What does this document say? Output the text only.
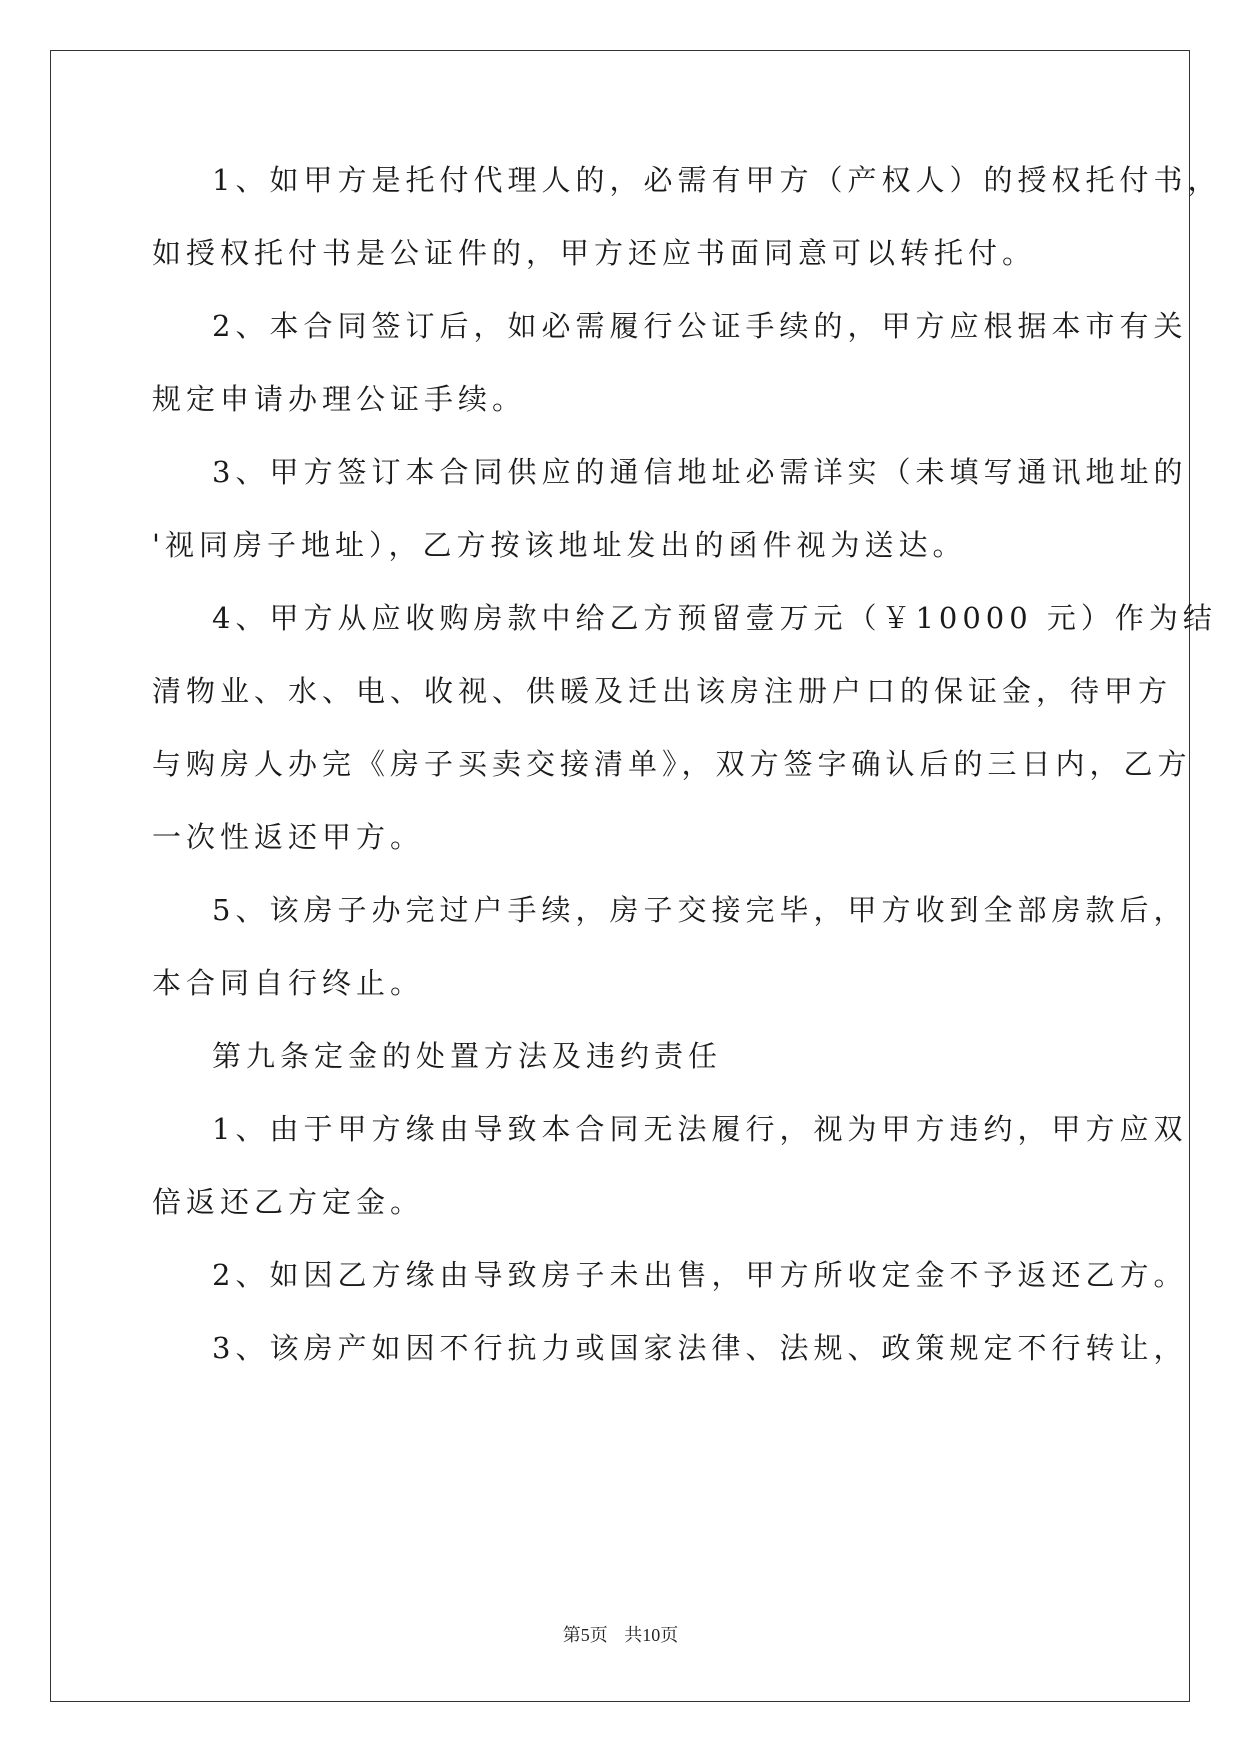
1、如甲方是托付代理人的，必需有甲方（产权人）的授权托付书，
如授权托付书是公证件的，甲方还应书面同意可以转托付。
2、本合同签订后，如必需履行公证手续的，甲方应根据本市有关
规定申请办理公证手续。
3、甲方签订本合同供应的通信地址必需详实（未填写通讯地址的
'视同房子地址），乙方按该地址发出的函件视为送达。
4、甲方从应收购房款中给乙方预留壹万元（￥10000 元）作为结
清物业、水、电、收视、供暖及迁出该房注册户口的保证金，待甲方
与购房人办完《房子买卖交接清单》，双方签字确认后的三日内，乙方
一次性返还甲方。
5、该房子办完过户手续，房子交接完毕，甲方收到全部房款后，
本合同自行终止。
第九条定金的处置方法及违约责任
1、由于甲方缘由导致本合同无法履行，视为甲方违约，甲方应双
倍返还乙方定金。
2、如因乙方缘由导致房子未出售，甲方所收定金不予返还乙方。
3、该房产如因不行抗力或国家法律、法规、政策规定不行转让，
第5页 共10页
